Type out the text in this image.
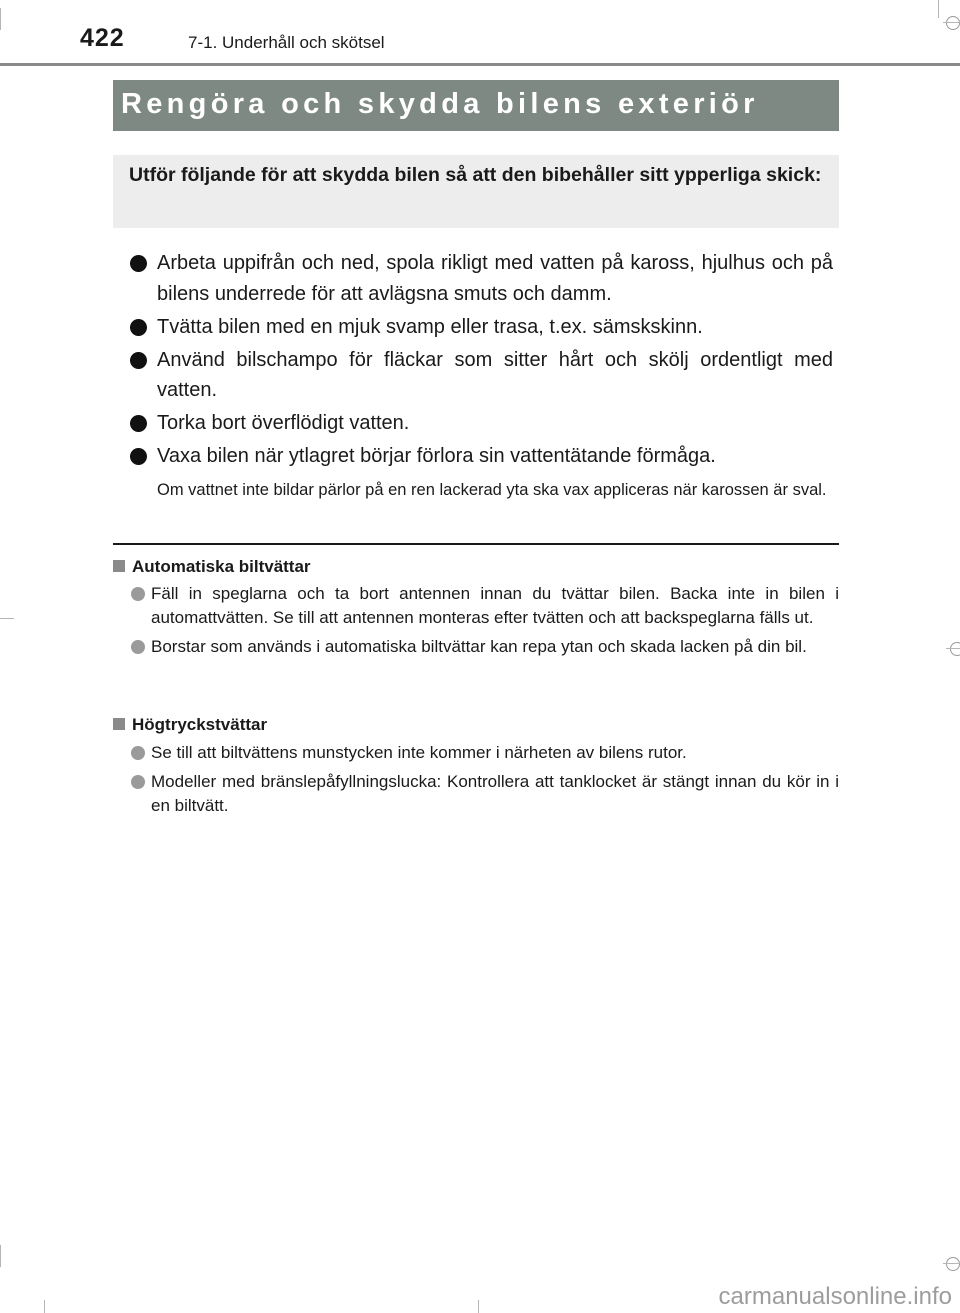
422	7-1. Underhåll och skötsel
Rengöra och skydda bilens exteriör

Utför följande för att skydda bilen så att den bibehåller sitt ypperliga skick:

Arbeta uppifrån och ned, spola rikligt med vatten på kaross, hjulhus och på bilens underrede för att avlägsna smuts och damm.
Tvätta bilen med en mjuk svamp eller trasa, t.ex. sämskskinn.
Använd bilschampo för fläckar som sitter hårt och skölj ordentligt med vatten.
Torka bort överflödigt vatten.
Vaxa bilen när ytlagret börjar förlora sin vattentätande förmåga.
Om vattnet inte bildar pärlor på en ren lackerad yta ska vax appliceras när karossen är sval.
Automatiska biltvättar
Fäll in speglarna och ta bort antennen innan du tvättar bilen. Backa inte in bilen i automattvätten. Se till att antennen monteras efter tvätten och att backspeglarna fälls ut.
Borstar som används i automatiska biltvättar kan repa ytan och skada lacken på din bil.
Högtryckstvättar
Se till att biltvättens munstycken inte kommer i närheten av bilens rutor.
Modeller med bränslepåfyllningslucka: Kontrollera att tanklocket är stängt innan du kör in i en biltvätt.
carmanualsonline.info
